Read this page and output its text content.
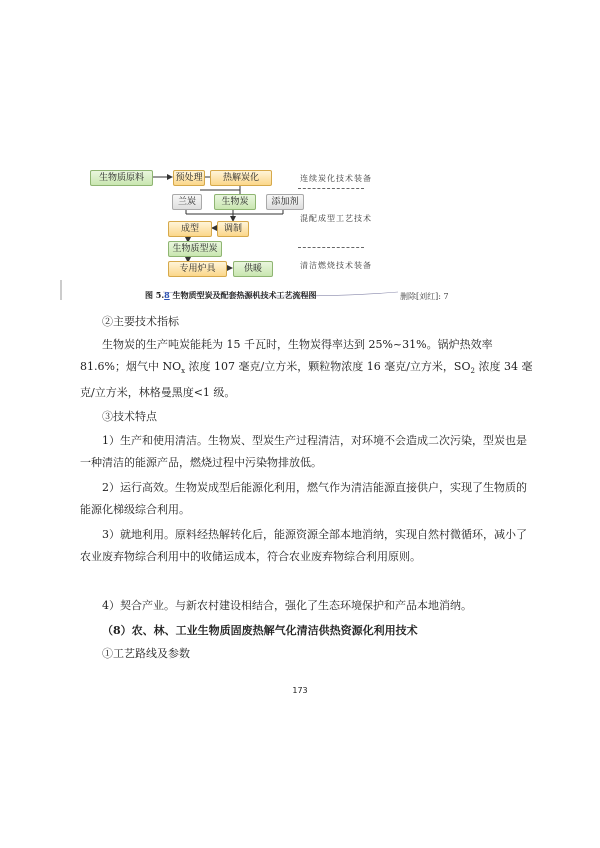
生物质原料	预处理	热解炭化
兰炭	生物炭	添加剂
成型	调制
生物质型炭
专用炉具	供暖
连续炭化技术装备
混配成型工艺技术
清洁燃烧技术装备
图 5.8 生物质型炭及配套热源机技术工艺流程图	删除[刘红]: 7
②主要技术指标
生物炭的生产吨炭能耗为 15 千瓦时，生物炭得率达到 25%~31%。锅炉热效率 81.6%；烟气中 $NO_x$ 浓度 107 毫克/立方米，颗粒物浓度 16 毫克/立方米，$SO_2$ 浓度 34 毫克/立方米，林格曼黑度<1 级。
③技术特点
1）生产和使用清洁。生物炭、型炭生产过程清洁，对环境不会造成二次污染，型炭也是一种清洁的能源产品，燃烧过程中污染物排放低。
2）运行高效。生物炭成型后能源化利用，燃气作为清洁能源直接供户，实现了生物质的能源化梯级综合利用。
3）就地利用。原料经热解转化后，能源资源全部本地消纳，实现自然村微循环，减小了农业废弃物综合利用中的收储运成本，符合农业废弃物综合利用原则。
4）契合产业。与新农村建设相结合，强化了生态环境保护和产品本地消纳。
（8）农、林、工业生物质固废热解气化清洁供热资源化利用技术
①工艺路线及参数
173
